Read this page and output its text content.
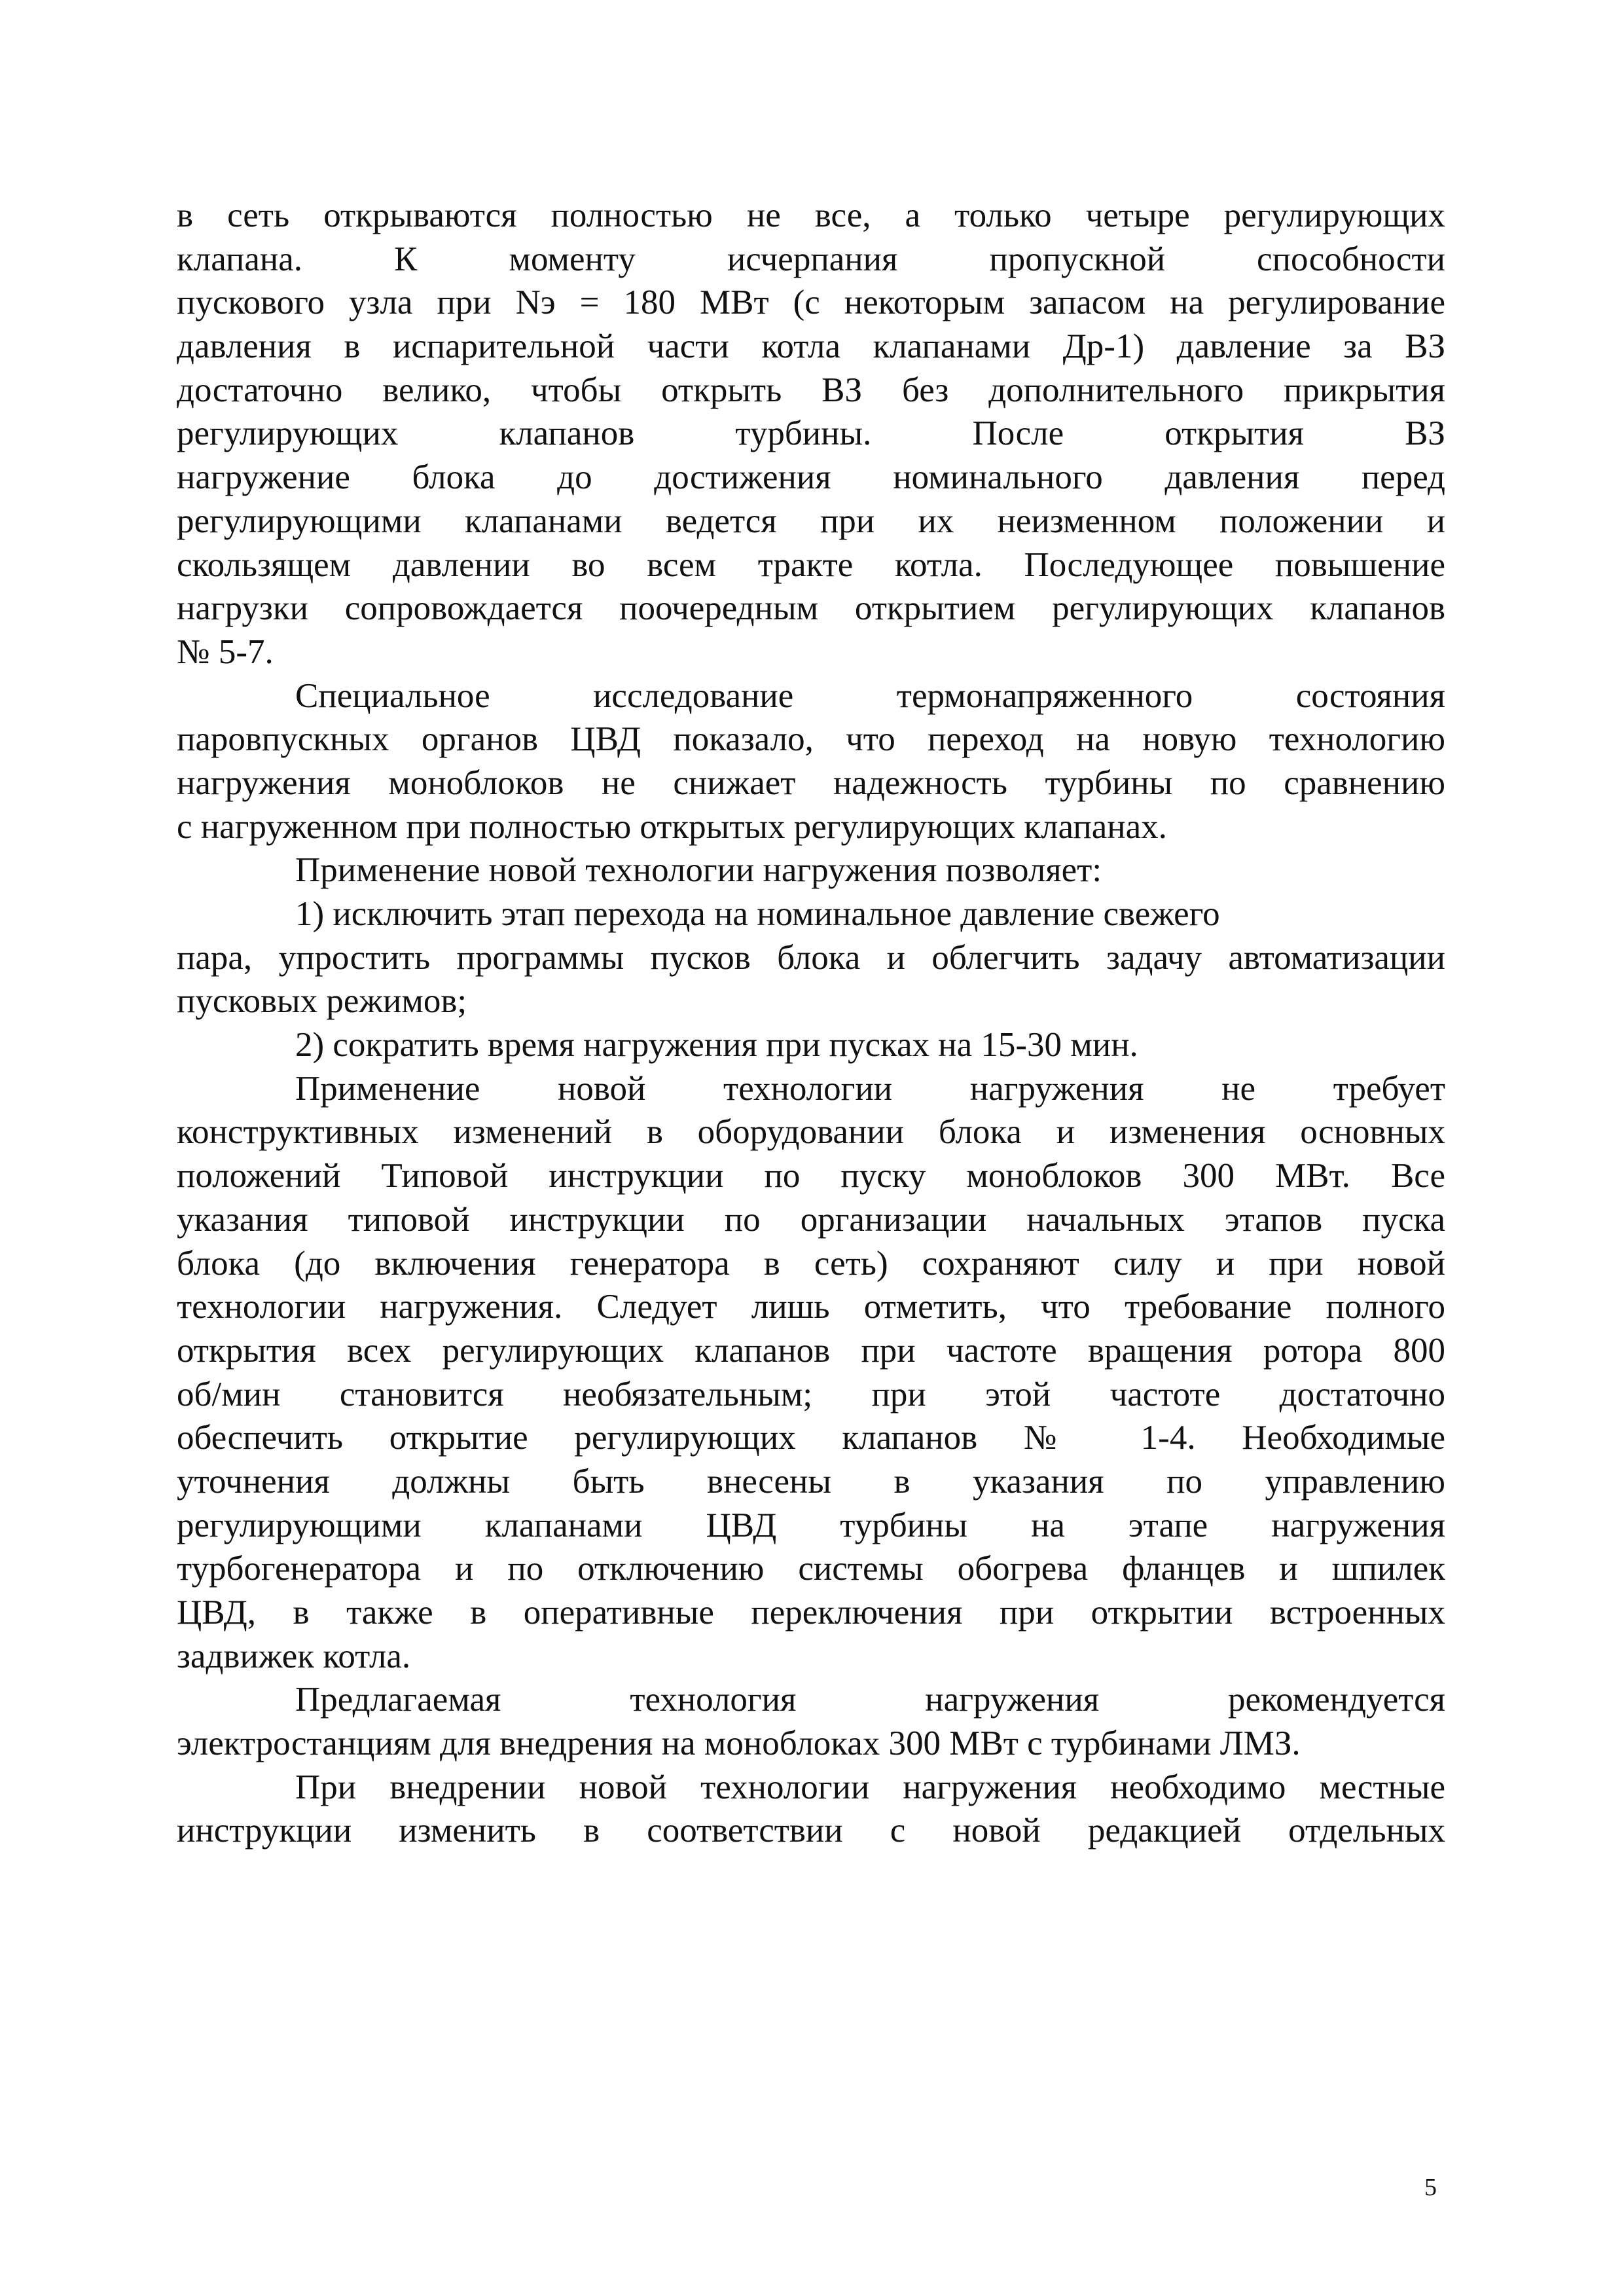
в сеть открываются полностью не все, а только четыре регулирующих
клапана. К моменту исчерпания пропускной способности
пускового узла при Nэ = 180 МВт (с некоторым запасом на регулирование
давления в испарительной части котла клапанами Др-1) давление за ВЗ
достаточно велико, чтобы открыть ВЗ без дополнительного прикрытия
регулирующих клапанов турбины. После открытия ВЗ
нагружение блока до достижения номинального давления перед
регулирующими клапанами ведется при их неизменном положении и
скользящем давлении во всем тракте котла. Последующее повышение
нагрузки сопровождается поочередным открытием регулирующих клапанов
№ 5-7.
Специальное исследование термонапряженного состояния
паровпускных органов ЦВД показало, что переход на новую технологию
нагружения моноблоков не снижает надежность турбины по сравнению
с нагруженном при полностью открытых регулирующих клапанах.
Применение новой технологии нагружения позволяет:
1) исключить этап перехода на номинальное давление свежего
пара, упростить программы пусков блока и облегчить задачу автоматизации
пусковых режимов;
2) сократить время нагружения при пусках на 15-30 мин.
Применение новой технологии нагружения не требует
конструктивных изменений в оборудовании блока и изменения основных
положений Типовой инструкции по пуску моноблоков 300 МВт. Все
указания типовой инструкции по организации начальных этапов пуска
блока (до включения генератора в сеть) сохраняют силу и при новой
технологии нагружения. Следует лишь отметить, что требование полного
открытия всех регулирующих клапанов при частоте вращения ротора 800
об/мин становится необязательным; при этой частоте достаточно
обеспечить открытие регулирующих клапанов № 1-4. Необходимые
уточнения должны быть внесены в указания по управлению
регулирующими клапанами ЦВД турбины на этапе нагружения
турбогенератора и по отключению системы обогрева фланцев и шпилек
ЦВД, в также в оперативные переключения при открытии встроенных
задвижек котла.
Предлагаемая технология нагружения рекомендуется
электростанциям для внедрения на моноблоках 300 МВт с турбинами ЛМЗ.
При внедрении новой технологии нагружения необходимо местные
инструкции изменить в соответствии с новой редакцией отдельных
5
